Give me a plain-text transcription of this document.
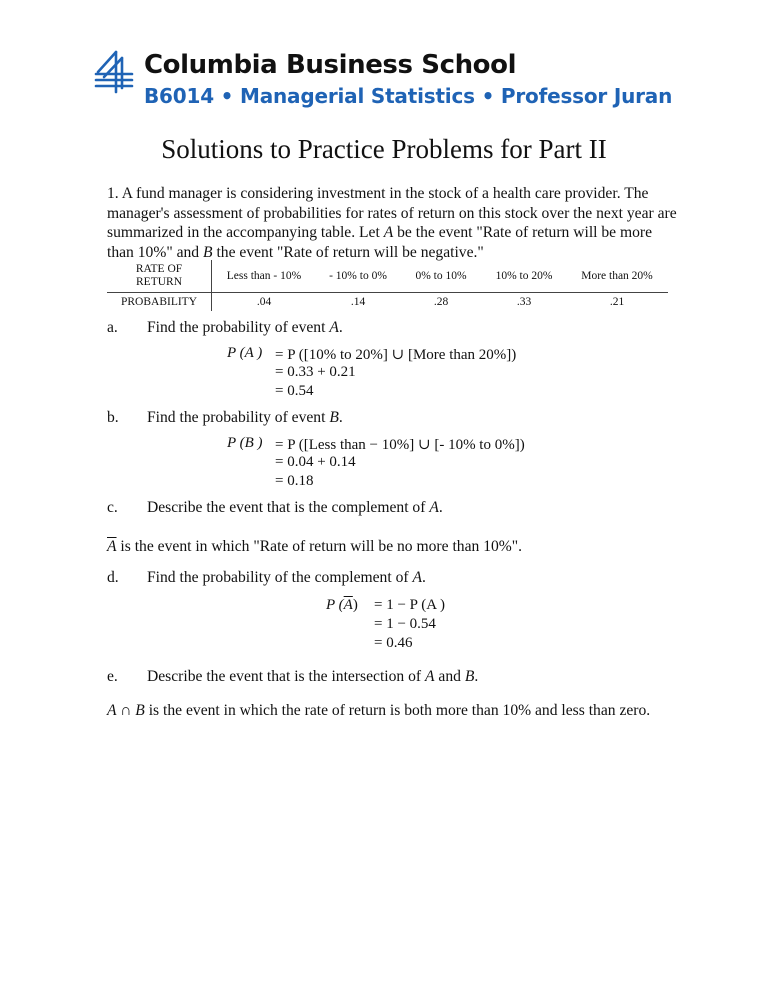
Columbia Business School
B6014 • Managerial Statistics • Professor Juran
Solutions to Practice Problems for Part II
1. A fund manager is considering investment in the stock of a health care provider. The manager's assessment of probabilities for rates of return on this stock over the next year are summarized in the accompanying table. Let A be the event "Rate of return will be more than 10%" and B the event "Rate of return will be negative."
RATE OF
RETURN	Less than - 10%	- 10% to 0%	0% to 10%	10% to 20%	More than 20%
PROBABILITY	.04	.14	.28	.33	.21
a. Find the probability of event A.
P (A ) = P ([10% to 20%] ∪ [More than 20%])
= 0.33 + 0.21
= 0.54
b. Find the probability of event B.
P (B ) = P ([Less than − 10%] ∪ [- 10% to 0%])
= 0.04 + 0.14
= 0.18
c. Describe the event that is the complement of A.
$\overline{A}$ is the event in which "Rate of return will be no more than 10%".
d. Find the probability of the complement of A.
P $(\overline{A}) = 1 - P$ (A )
= 1 − 0.54
= 0.46
e. Describe the event that is the intersection of A and B.
A ∩ B is the event in which the rate of return is both more than 10% and less than zero.
